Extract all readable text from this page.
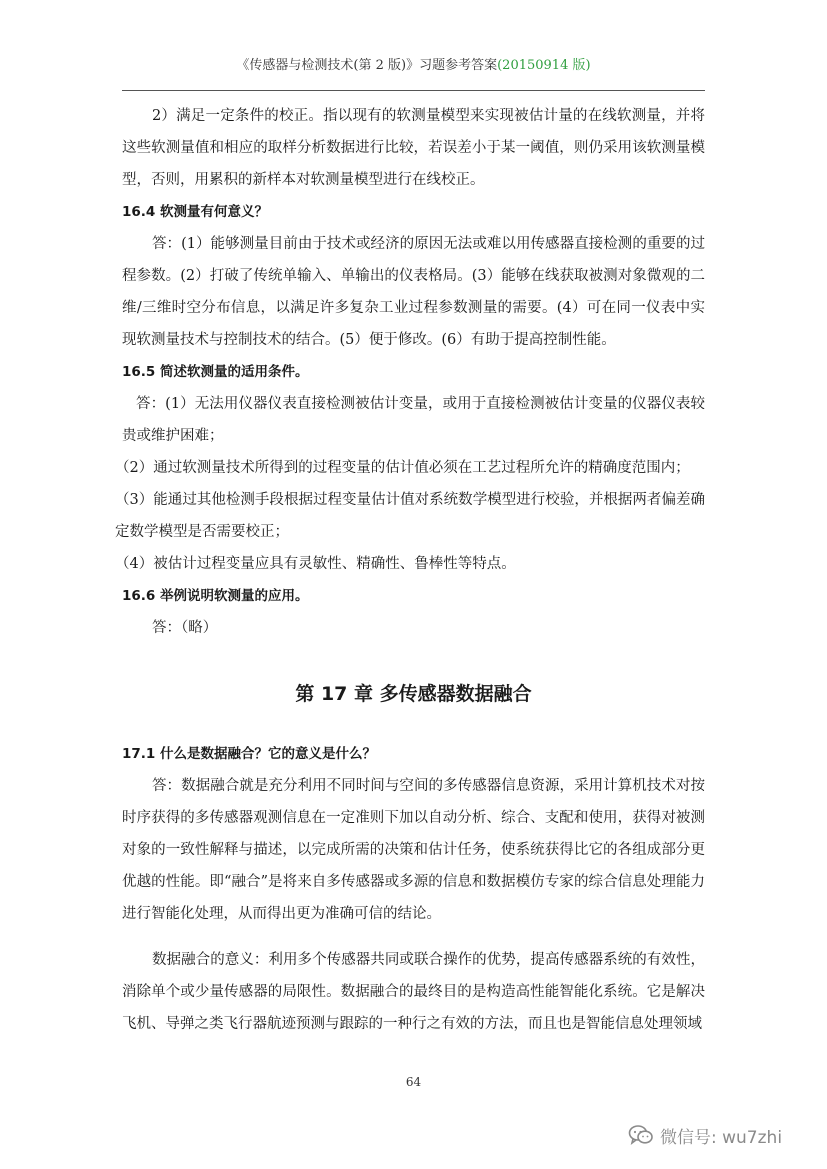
《传感器与检测技术(第 2 版)》习题参考答案(20150914 版)

2）满足一定条件的校正。指以现有的软测量模型来实现被估计量的在线软测量，并将这些软测量值和相应的取样分析数据进行比较，若误差小于某一阈值，则仍采用该软测量模型，否则，用累积的新样本对软测量模型进行在线校正。

16.4 软测量有何意义？

答：(1）能够测量目前由于技术或经济的原因无法或难以用传感器直接检测的重要的过程参数。(2）打破了传统单输入、单输出的仪表格局。(3）能够在线获取被测对象微观的二维/三维时空分布信息，以满足许多复杂工业过程参数测量的需要。(4）可在同一仪表中实现软测量技术与控制技术的结合。(5）便于修改。(6）有助于提高控制性能。

16.5 简述软测量的适用条件。

答：(1）无法用仪器仪表直接检测被估计变量，或用于直接检测被估计变量的仪器仪表较贵或维护困难；

（2）通过软测量技术所得到的过程变量的估计值必须在工艺过程所允许的精确度范围内；

（3）能通过其他检测手段根据过程变量估计值对系统数学模型进行校验，并根据两者偏差确定数学模型是否需要校正；

（4）被估计过程变量应具有灵敏性、精确性、鲁棒性等特点。

16.6 举例说明软测量的应用。

答：（略）

第 17 章 多传感器数据融合
17.1 什么是数据融合？它的意义是什么？

答：数据融合就是充分利用不同时间与空间的多传感器信息资源，采用计算机技术对按时序获得的多传感器观测信息在一定准则下加以自动分析、综合、支配和使用，获得对被测对象的一致性解释与描述，以完成所需的决策和估计任务，使系统获得比它的各组成部分更优越的性能。即“融合”是将来自多传感器或多源的信息和数据模仿专家的综合信息处理能力进行智能化处理，从而得出更为准确可信的结论。

数据融合的意义：利用多个传感器共同或联合操作的优势，提高传感器系统的有效性，消除单个或少量传感器的局限性。数据融合的最终目的是构造高性能智能化系统。它是解决飞机、导弹之类飞行器航迹预测与跟踪的一种行之有效的方法，而且也是智能信息处理领域

64
微信号: wu7zhi
